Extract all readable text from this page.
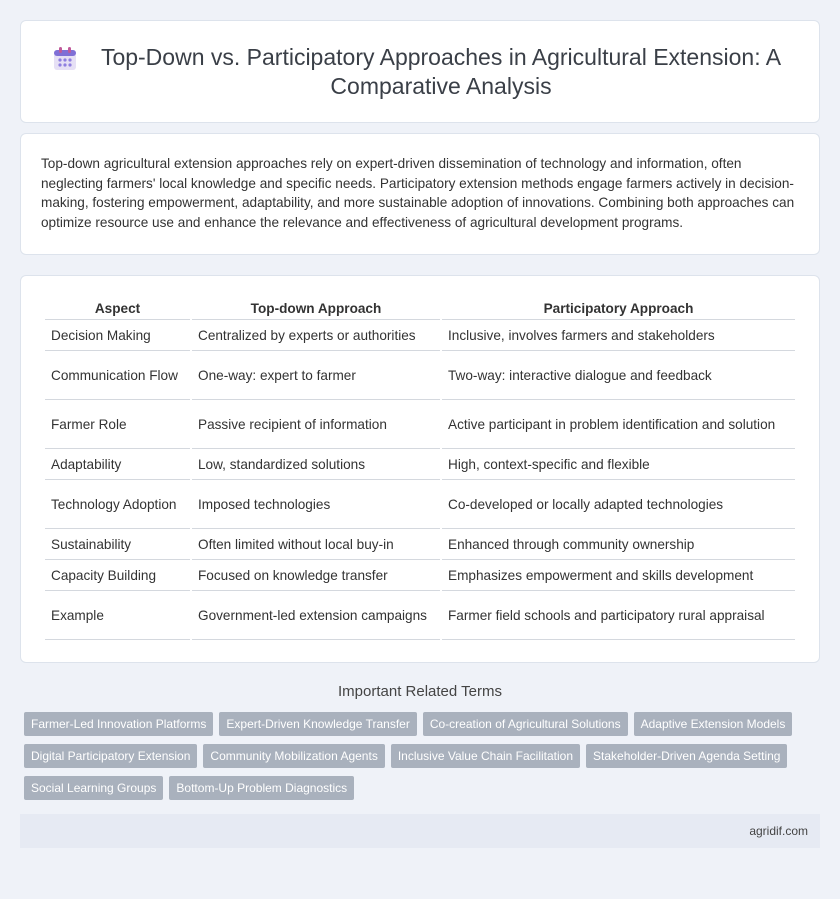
Top-Down vs. Participatory Approaches in Agricultural Extension: A Comparative Analysis

Top-down agricultural extension approaches rely on expert-driven dissemination of technology and information, often neglecting farmers' local knowledge and specific needs. Participatory extension methods engage farmers actively in decision-making, fostering empowerment, adaptability, and more sustainable adoption of innovations. Combining both approaches can optimize resource use and enhance the relevance and effectiveness of agricultural development programs.

Aspect	Top-down Approach	Participatory Approach
Decision Making	Centralized by experts or authorities	Inclusive, involves farmers and stakeholders
Communication Flow	One-way: expert to farmer	Two-way: interactive dialogue and feedback
Farmer Role	Passive recipient of information	Active participant in problem identification and solution
Adaptability	Low, standardized solutions	High, context-specific and flexible
Technology Adoption	Imposed technologies	Co-developed or locally adapted technologies
Sustainability	Often limited without local buy-in	Enhanced through community ownership
Capacity Building	Focused on knowledge transfer	Emphasizes empowerment and skills development
Example	Government-led extension campaigns	Farmer field schools and participatory rural appraisal
Important Related Terms
Farmer-Led Innovation Platforms	Expert-Driven Knowledge Transfer	Co-creation of Agricultural Solutions	Adaptive Extension Models
Digital Participatory Extension	Community Mobilization Agents	Inclusive Value Chain Facilitation	Stakeholder-Driven Agenda Setting
Social Learning Groups	Bottom-Up Problem Diagnostics
agridif.com
